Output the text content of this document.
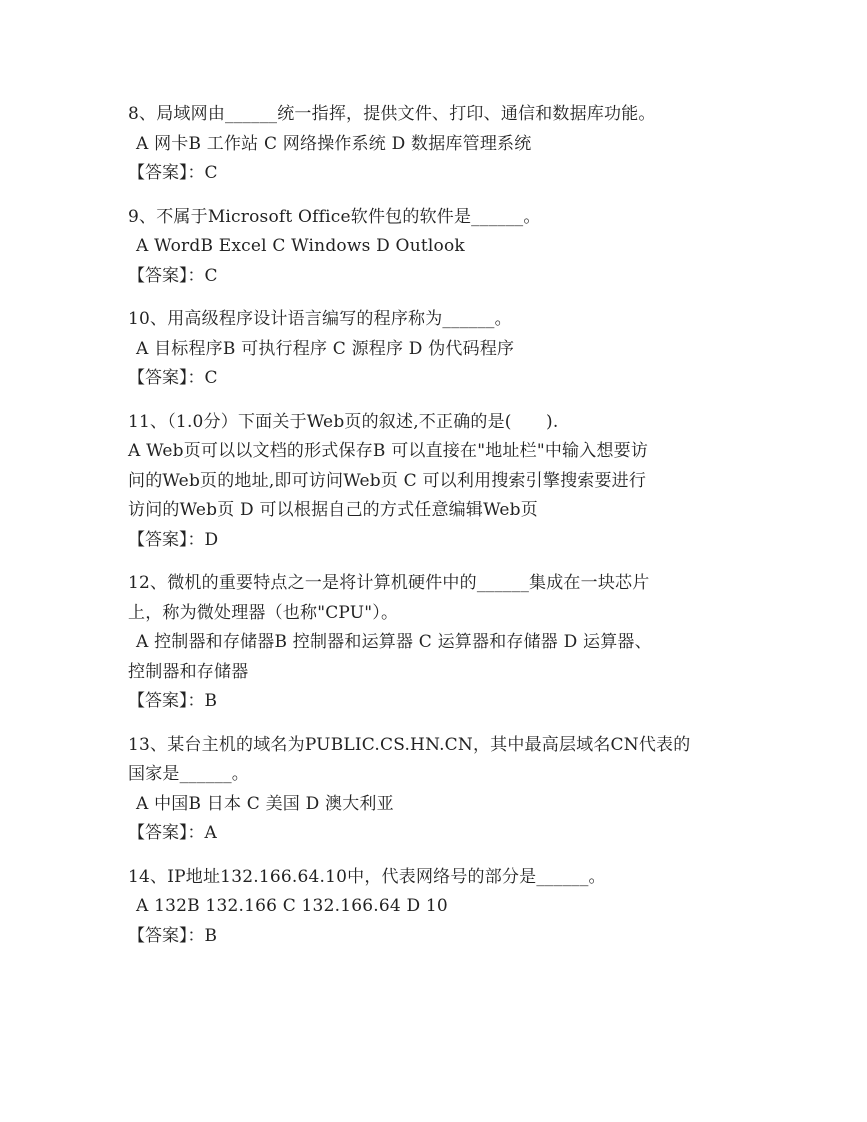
8、局域网由______统一指挥，提供文件、打印、通信和数据库功能。
A 网卡B 工作站 C 网络操作系统 D 数据库管理系统
【答案】：C
9、不属于Microsoft Office软件包的软件是______。
A WordB Excel C Windows D Outlook
【答案】：C
10、用高级程序设计语言编写的程序称为______。
A 目标程序B 可执行程序 C 源程序 D 伪代码程序
【答案】：C
11、（1.0分）下面关于Web页的叙述,不正确的是(　　).
A Web页可以以文档的形式保存B 可以直接在"地址栏"中输入想要访
问的Web页的地址,即可访问Web页 C 可以利用搜索引擎搜索要进行
访问的Web页 D 可以根据自己的方式任意编辑Web页
【答案】：D
12、微机的重要特点之一是将计算机硬件中的______集成在一块芯片
上，称为微处理器（也称"CPU"）。
A 控制器和存储器B 控制器和运算器 C 运算器和存储器 D 运算器、
控制器和存储器
【答案】：B
13、某台主机的域名为PUBLIC.CS.HN.CN，其中最高层域名CN代表的
国家是______。
A 中国B 日本 C 美国 D 澳大利亚
【答案】：A
14、IP地址132.166.64.10中，代表网络号的部分是______。
A 132B 132.166 C 132.166.64 D 10
【答案】：B
